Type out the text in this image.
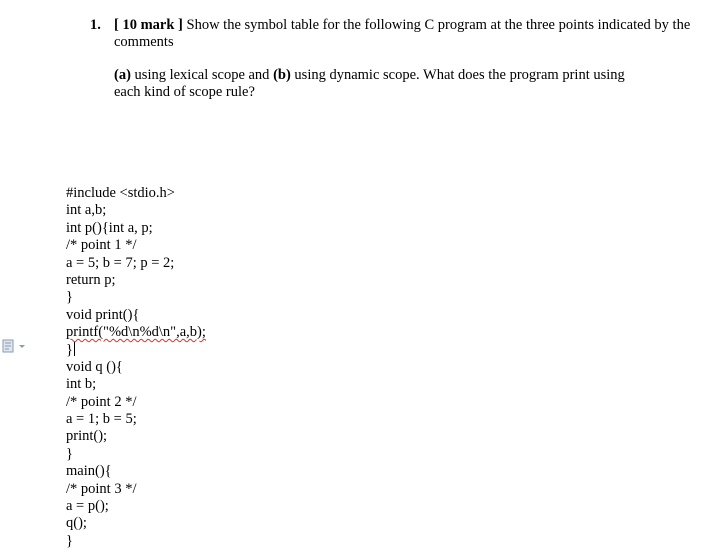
1. [ 10 mark ] Show the symbol table for the following C program at the three points indicated by the
comments
(a) using lexical scope and (b) using dynamic scope. What does the program print using
each kind of scope rule?
#include <stdio.h>
int a,b;
int p(){int a, p;
/* point 1 */
a = 5; b = 7; p = 2;
return p;
}
void print(){
printf("%d\n%d\n",a,b);
}
void q (){
int b;
/* point 2 */
a = 1; b = 5;
print();
}
main(){
/* point 3 */
a = p();
q();
}
